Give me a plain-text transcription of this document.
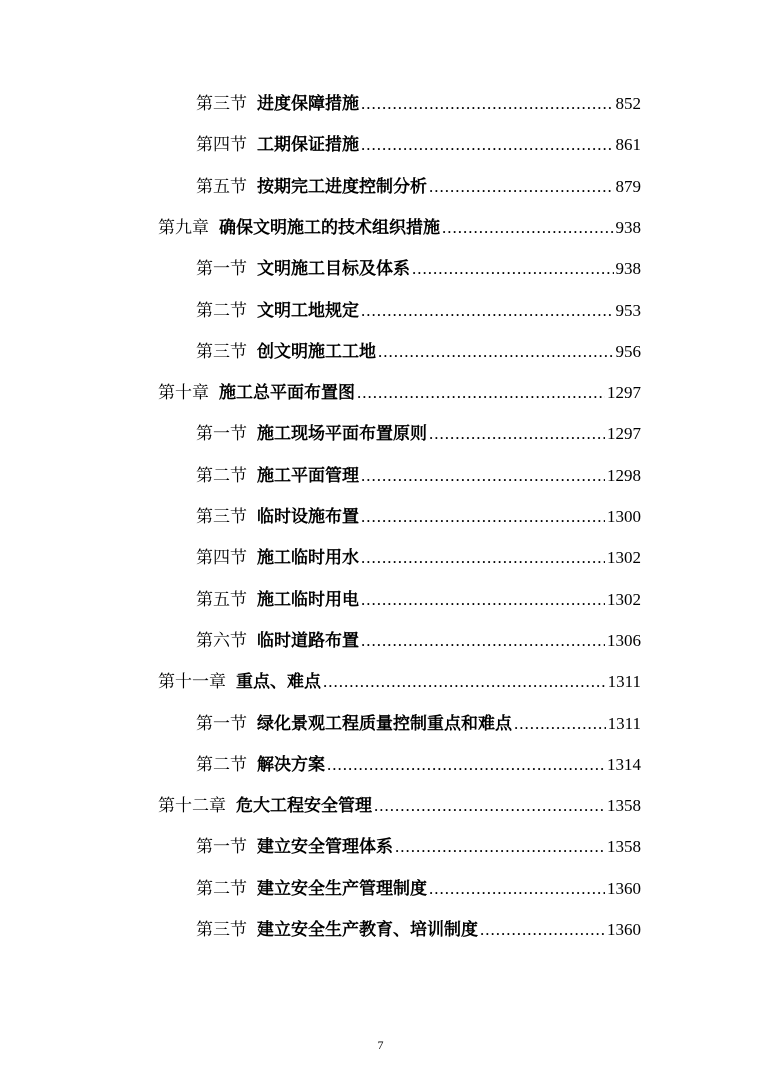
第三节 进度保障措施 .....	852
第四节 工期保证措施 .....	861
第五节 按期完工进度控制分析 .....	879
第九章 确保文明施工的技术组织措施 .....	938
第一节 文明施工目标及体系 .....	938
第二节 文明工地规定 .....	953
第三节 创文明施工工地 .....	956
第十章 施工总平面布置图 .....	1297
第一节 施工现场平面布置原则 .....	1297
第二节 施工平面管理 .....	1298
第三节 临时设施布置 .....	1300
第四节 施工临时用水 .....	1302
第五节 施工临时用电 .....	1302
第六节 临时道路布置 .....	1306
第十一章 重点、难点 .....	1311
第一节 绿化景观工程质量控制重点和难点 .....	1311
第二节 解决方案 .....	1314
第十二章 危大工程安全管理 .....	1358
第一节 建立安全管理体系 .....	1358
第二节 建立安全生产管理制度 .....	1360
第三节 建立安全生产教育、培训制度 .....	1360
7
